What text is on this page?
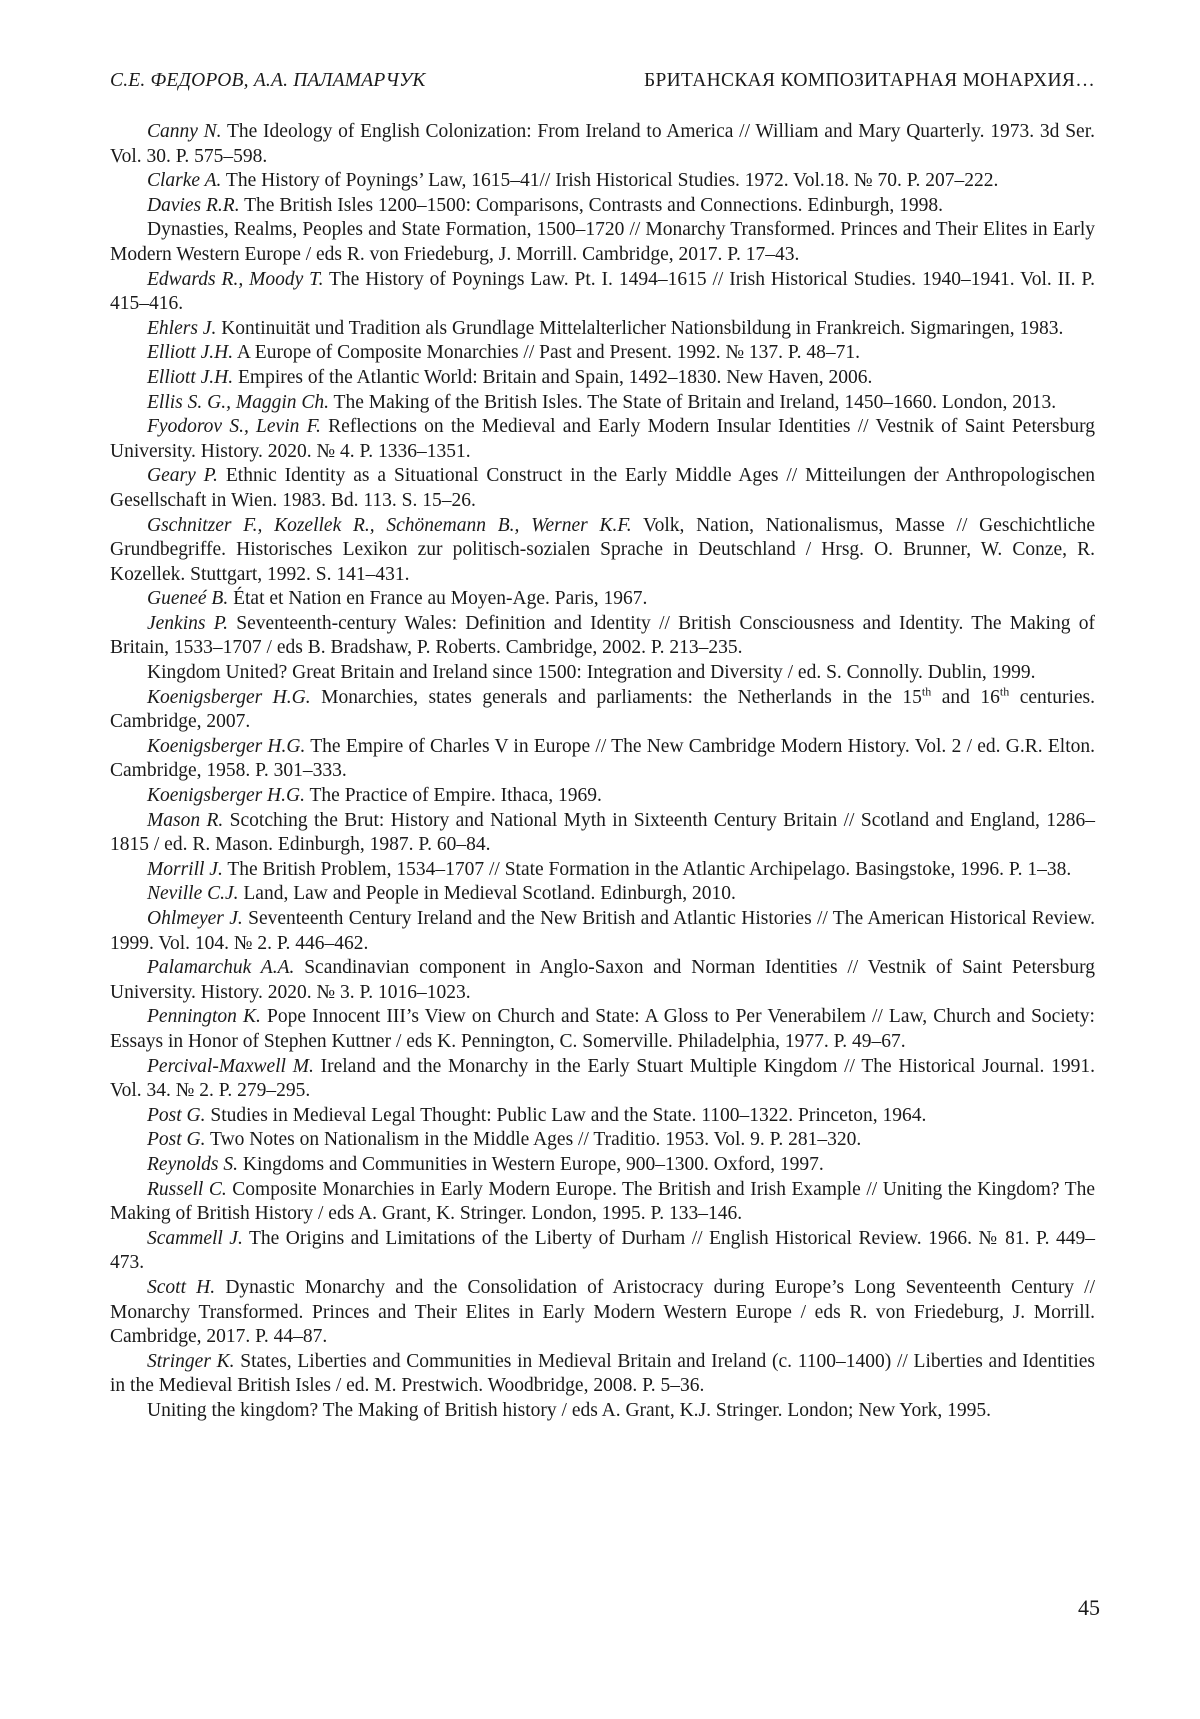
С.Е. ФЕДОРОВ, А.А. ПАЛАМАРЧУК	БРИТАНСКАЯ КОМПОЗИТАРНАЯ МОНАРХИЯ…

Canny N. The Ideology of English Colonization: From Ireland to America // William and Mary Quarterly. 1973. 3d Ser. Vol. 30. P. 575–598.

Clarke A. The History of Poynings’ Law, 1615–41// Irish Historical Studies. 1972. Vol.18. № 70. P. 207–222.

Davies R.R. The British Isles 1200–1500: Comparisons, Contrasts and Connections. Edinburgh, 1998.

Dynasties, Realms, Peoples and State Formation, 1500–1720 // Monarchy Transformed. Princes and Their Elites in Early Modern Western Europe / eds R. von Friedeburg, J. Morrill. Cambridge, 2017. P. 17–43.

Edwards R., Moody T. The History of Poynings Law. Pt. I. 1494–1615 // Irish Historical Studies. 1940–1941. Vol. II. P. 415–416.

Ehlers J. Kontinuität und Tradition als Grundlage Mittelalterlicher Nationsbildung in Frankreich. Sigmaringen, 1983.

Elliott J.H. A Europe of Composite Monarchies // Past and Present. 1992. № 137. P. 48–71.

Elliott J.H. Empires of the Atlantic World: Britain and Spain, 1492–1830. New Haven, 2006.

Ellis S. G., Maggin Ch. The Making of the British Isles. The State of Britain and Ireland, 1450–1660. London, 2013.

Fyodorov S., Levin F. Reflections on the Medieval and Early Modern Insular Identities // Vestnik of Saint Petersburg University. History. 2020. № 4. P. 1336–1351.

Geary P. Ethnic Identity as a Situational Construct in the Early Middle Ages // Mitteilungen der Anthropologischen Gesellschaft in Wien. 1983. Bd. 113. S. 15–26.

Gschnitzer F., Kozellek R., Schönemann B., Werner K.F. Volk, Nation, Nationalismus, Masse // Geschichtliche Grundbegriffe. Historisches Lexikon zur politisch-sozialen Sprache in Deutschland / Hrsg. O. Brunner, W. Conze, R. Kozellek. Stuttgart, 1992. S. 141–431.

Gueneé B. État et Nation en France au Moyen-Age. Paris, 1967.

Jenkins P. Seventeenth-century Wales: Definition and Identity // British Consciousness and Identity. The Making of Britain, 1533–1707 / eds B. Bradshaw, P. Roberts. Cambridge, 2002. P. 213–235.

Kingdom United? Great Britain and Ireland since 1500: Integration and Diversity / ed. S. Connolly. Dublin, 1999.

Koenigsberger H.G. Monarchies, states generals and parliaments: the Netherlands in the 15th and 16th centuries. Cambridge, 2007.

Koenigsberger H.G. The Empire of Charles V in Europe // The New Cambridge Modern History. Vol. 2 / ed. G.R. Elton. Cambridge, 1958. P. 301–333.

Koenigsberger H.G. The Practice of Empire. Ithaca, 1969.

Mason R. Scotching the Brut: History and National Myth in Sixteenth Century Britain // Scotland and England, 1286–1815 / ed. R. Mason. Edinburgh, 1987. P. 60–84.

Morrill J. The British Problem, 1534–1707 // State Formation in the Atlantic Archipelago. Basingstoke, 1996. P. 1–38.

Neville C.J. Land, Law and People in Medieval Scotland. Edinburgh, 2010.

Ohlmeyer J. Seventeenth Century Ireland and the New British and Atlantic Histories // The American Historical Review. 1999. Vol. 104. № 2. P. 446–462.

Palamarchuk A.A. Scandinavian component in Anglo-Saxon and Norman Identities // Vestnik of Saint Petersburg University. History. 2020. № 3. P. 1016–1023.

Pennington K. Pope Innocent III’s View on Church and State: A Gloss to Per Venerabilem // Law, Church and Society: Essays in Honor of Stephen Kuttner / eds K. Pennington, C. Somerville. Philadelphia, 1977. P. 49–67.

Percival-Maxwell M. Ireland and the Monarchy in the Early Stuart Multiple Kingdom // The Historical Journal. 1991. Vol. 34. № 2. P. 279–295.

Post G. Studies in Medieval Legal Thought: Public Law and the State. 1100–1322. Princeton, 1964.

Post G. Two Notes on Nationalism in the Middle Ages // Traditio. 1953. Vol. 9. P. 281–320.

Reynolds S. Kingdoms and Communities in Western Europe, 900–1300. Oxford, 1997.

Russell C. Composite Monarchies in Early Modern Europe. The British and Irish Example // Uniting the Kingdom? The Making of British History / eds A. Grant, K. Stringer. London, 1995. P. 133–146.

Scammell J. The Origins and Limitations of the Liberty of Durham // English Historical Review. 1966. № 81. P. 449–473.

Scott H. Dynastic Monarchy and the Consolidation of Aristocracy during Europe’s Long Seventeenth Century // Monarchy Transformed. Princes and Their Elites in Early Modern Western Europe / eds R. von Friedeburg, J. Morrill. Cambridge, 2017. P. 44–87.

Stringer K. States, Liberties and Communities in Medieval Britain and Ireland (c. 1100–1400) // Liberties and Identities in the Medieval British Isles / ed. M. Prestwich. Woodbridge, 2008. P. 5–36.

Uniting the kingdom? The Making of British history / eds A. Grant, K.J. Stringer. London; New York, 1995.

45
